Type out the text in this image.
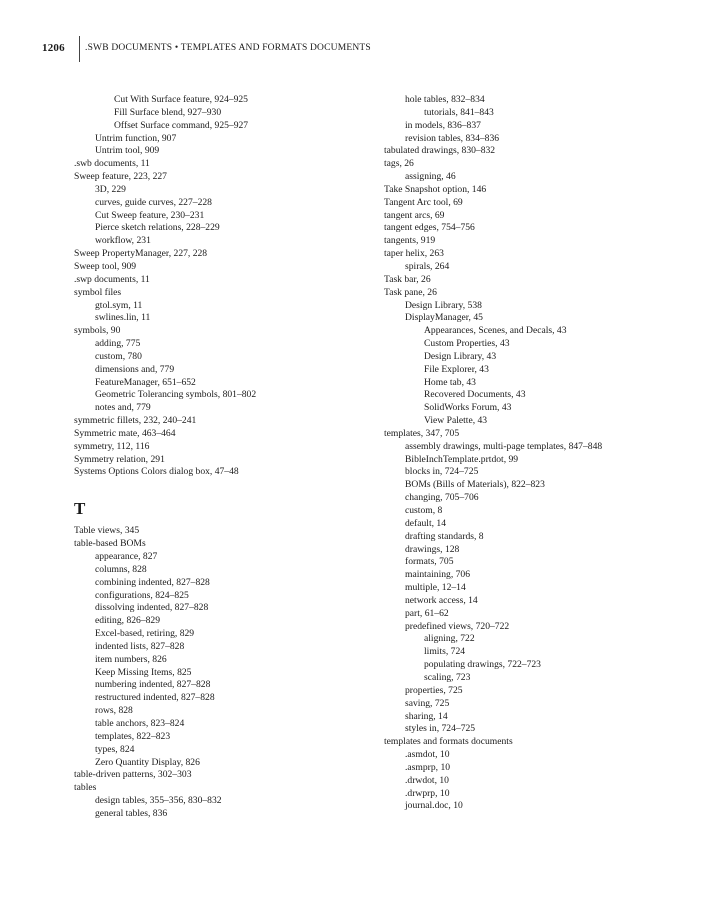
1206 .SWB DOCUMENTS • TEMPLATES AND FORMATS DOCUMENTS
Cut With Surface feature, 924–925
Fill Surface blend, 927–930
Offset Surface command, 925–927
Untrim function, 907
Untrim tool, 909
.swb documents, 11
Sweep feature, 223, 227
3D, 229
curves, guide curves, 227–228
Cut Sweep feature, 230–231
Pierce sketch relations, 228–229
workflow, 231
Sweep PropertyManager, 227, 228
Sweep tool, 909
.swp documents, 11
symbol files
gtol.sym, 11
swlines.lin, 11
symbols, 90
adding, 775
custom, 780
dimensions and, 779
FeatureManager, 651–652
Geometric Tolerancing symbols, 801–802
notes and, 779
symmetric fillets, 232, 240–241
Symmetric mate, 463–464
symmetry, 112, 116
Symmetry relation, 291
Systems Options Colors dialog box, 47–48
T
Table views, 345
table-based BOMs
appearance, 827
columns, 828
combining indented, 827–828
configurations, 824–825
dissolving indented, 827–828
editing, 826–829
Excel-based, retiring, 829
indented lists, 827–828
item numbers, 826
Keep Missing Items, 825
numbering indented, 827–828
restructured indented, 827–828
rows, 828
table anchors, 823–824
templates, 822–823
types, 824
Zero Quantity Display, 826
table-driven patterns, 302–303
tables
design tables, 355–356, 830–832
general tables, 836
hole tables, 832–834
tutorials, 841–843
in models, 836–837
revision tables, 834–836
tabulated drawings, 830–832
tags, 26
assigning, 46
Take Snapshot option, 146
Tangent Arc tool, 69
tangent arcs, 69
tangent edges, 754–756
tangents, 919
taper helix, 263
spirals, 264
Task bar, 26
Task pane, 26
Design Library, 538
DisplayManager, 45
Appearances, Scenes, and Decals, 43
Custom Properties, 43
Design Library, 43
File Explorer, 43
Home tab, 43
Recovered Documents, 43
SolidWorks Forum, 43
View Palette, 43
templates, 347, 705
assembly drawings, multi-page templates, 847–848
BibleInchTemplate.prtdot, 99
blocks in, 724–725
BOMs (Bills of Materials), 822–823
changing, 705–706
custom, 8
default, 14
drafting standards, 8
drawings, 128
formats, 705
maintaining, 706
multiple, 12–14
network access, 14
part, 61–62
predefined views, 720–722
aligning, 722
limits, 724
populating drawings, 722–723
scaling, 723
properties, 725
saving, 725
sharing, 14
styles in, 724–725
templates and formats documents
.asmdot, 10
.asmprp, 10
.drwdot, 10
.drwprp, 10
journal.doc, 10
